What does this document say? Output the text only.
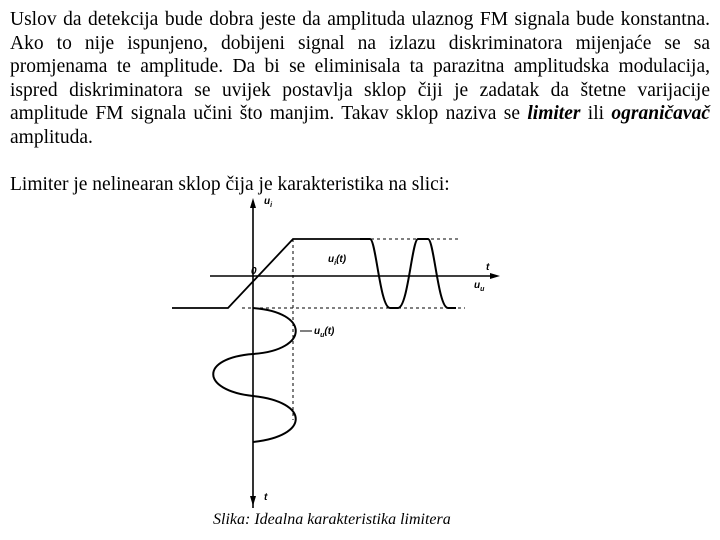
Uslov da detekcija bude dobra jeste da amplituda ulaznog FM signala bude konstantna. Ako to nije ispunjeno, dobijeni signal na izlazu diskriminatora mijenjaće se sa promjenama te amplitude. Da bi se eliminisala ta parazitna amplitudska modulacija, ispred diskriminatora se uvijek postavlja sklop čiji je zadatak da štetne varijacije amplitude FM signala učini što manjim. Takav sklop naziva se limiter ili ograničavač amplituda.

Limiter je nelinearan sklop čija je karakteristika na slici:

$u_i$
t
$u_u$
0
$u_i(t)$
$u_u(t)$
t
Slika: Idealna karakteristika limitera
